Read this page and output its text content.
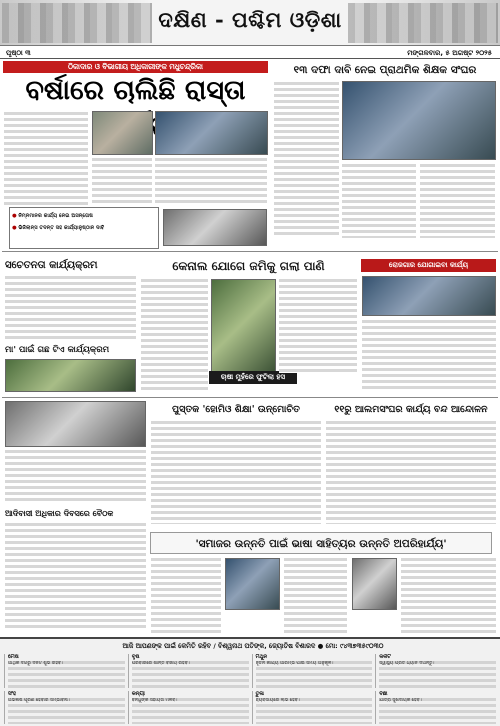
ଦକ୍ଷିଣ - ପଶ୍ଚିମ ଓଡ଼ିଶା
ପୃଷ୍ଠା ୩	ମଙ୍ଗଳବାର, ୫ ଅଗଷ୍ଟ ୨୦୨୫
ଠିକାଦାର ଓ ବିଭାଗୀୟ ଅଧିକାରୀଙ୍କ ମଧୁଚନ୍ଦ୍ରିକା
ବର୍ଷାରେ ଚାଲିଛି ରାସ୍ତା
୧୩ ଦଫା ଦାବି ନେଇ ପ୍ରାଥମିକ ଶିକ୍ଷକ ସଂଘର
● ନିମ୍ନମାନର କାର୍ଯ୍ୟ ନେଇ ଅସନ୍ତୋଷ
● ଭିଜିଲାନ୍ସ ତଦନ୍ତ ସହ କାର୍ଯ୍ୟାନୁଷ୍ଠାନ ଦାବି
ସଚେତନତା କାର୍ଯ୍ୟକ୍ରମ
ମା' ପାଇଁ ଗଛ ଟିଏ କାର୍ଯ୍ୟକ୍ରମ
କେନାଲ ଯୋଗେ ଜମିକୁ ଗଲା ପାଣି
ଚାଷୀ ମୁହଁରେ ଫୁଟିଲା ହସ
ରୋଜଗାର ଯୋଗାଇବା କାର୍ଯ୍ୟ
ପୁସ୍ତକ 'ହୋମିଓ ଶିକ୍ଷା' ଉନ୍ମୋଚିତ	୧୧ରୁ ଆଲମସଂଘର କାର୍ଯ୍ୟ ବନ୍ଦ ଆନ୍ଦୋଳନ
ଆଦିବାସୀ ଅଧିକାର ଦିବସରେ ବୈଠକ
'ସମାଜର ଉନ୍ନତି ପାଇଁ ଭାଷା ସାହିତ୍ୟର ଉନ୍ନତି ଅପରିହାର୍ଯ୍ୟ'
ଆଜି ଆପଣଙ୍କ ପାଇଁ କେମିତି ରହିବ / ବିଶ୍ୱନାଥ ପତିଙ୍କ, ଜ୍ୟୋତିଷ ବିଶାରଦ ● ମୋ: ୯୪୩୭୩୫୯୦୩୦
ମେଷ
ଆର୍ଥିକ ଦିଗରୁ ଦିନଟି ଶୁଭ ରହିବ।
ବୃଷ
ପରିବାରରେ ଶାନ୍ତି ବଜାୟ ରହିବ।
ମିଥୁନ
ନୂତନ କାର୍ଯ୍ୟ ଆରମ୍ଭ ପାଇଁ ସମୟ ଅନୁକୂଳ।
କର୍କଟ
ସ୍ୱାସ୍ଥ୍ୟ ପ୍ରତି ଧ୍ୟାନ ଦିଅନ୍ତୁ।
ସିଂହ
ଅଭିଳାଷ ପୂରଣ ହେବାର ସମ୍ଭାବନା।
କନ୍ୟା
ବନ୍ଧୁଙ୍କ ସହାୟତା ମିଳିବ।
ତୁଳା
ବ୍ୟବସାୟରେ ଲାଭ ହେବ।
ବିଛା
ଯାତ୍ରା ସୁଖଦାୟକ ହେବ।
